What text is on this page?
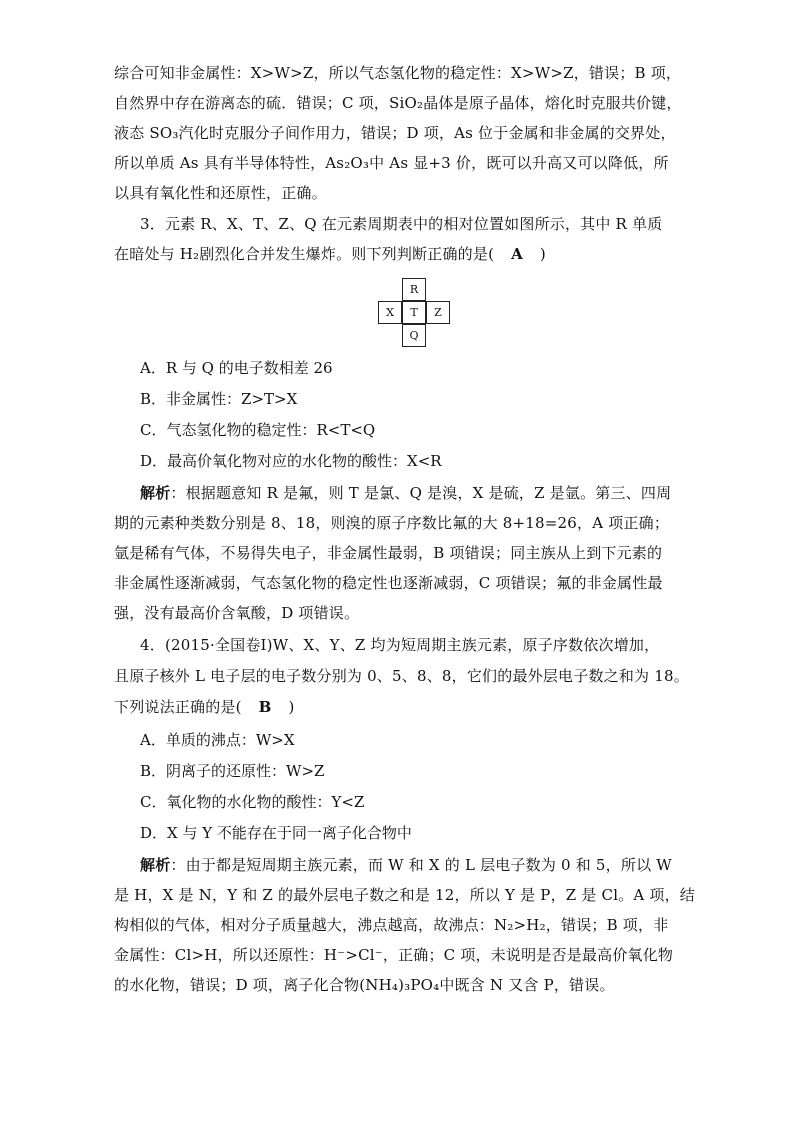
综合可知非金属性：X>W>Z，所以气态氢化物的稳定性：X>W>Z，错误；B 项，
自然界中存在游离态的硫．错误；C 项，SiO₂晶体是原子晶体，熔化时克服共价键，
液态 SO₃汽化时克服分子间作用力，错误；D 项，As 位于金属和非金属的交界处，
所以单质 As 具有半导体特性，As₂O₃中 As 显+3 价，既可以升高又可以降低，所
以具有氧化性和还原性，正确。
3．元素 R、X、T、Z、Q 在元素周期表中的相对位置如图所示，其中 R 单质
在暗处与 H₂剧烈化合并发生爆炸。则下列判断正确的是( A )
R
X	T	Z
Q
A．R 与 Q 的电子数相差 26
B．非金属性：Z>T>X
C．气态氢化物的稳定性：R<T<Q
D．最高价氧化物对应的水化物的酸性：X<R
解析：根据题意知 R 是氟，则 T 是氯、Q 是溴，X 是硫，Z 是氩。第三、四周
期的元素种类数分别是 8、18，则溴的原子序数比氟的大 8+18=26，A 项正确；
氩是稀有气体，不易得失电子，非金属性最弱，B 项错误；同主族从上到下元素的
非金属性逐渐减弱，气态氢化物的稳定性也逐渐减弱，C 项错误；氟的非金属性最
强，没有最高价含氧酸，D 项错误。
4．(2015·全国卷Ⅰ)W、X、Y、Z 均为短周期主族元素，原子序数依次增加，
且原子核外 L 电子层的电子数分别为 0、5、8、8，它们的最外层电子数之和为 18。
下列说法正确的是( B )
A．单质的沸点：W>X
B．阴离子的还原性：W>Z
C．氧化物的水化物的酸性：Y<Z
D．X 与 Y 不能存在于同一离子化合物中
解析：由于都是短周期主族元素，而 W 和 X 的 L 层电子数为 0 和 5，所以 W
是 H，X 是 N，Y 和 Z 的最外层电子数之和是 12，所以 Y 是 P，Z 是 Cl。A 项，结
构相似的气体，相对分子质量越大，沸点越高，故沸点：N₂>H₂，错误；B 项，非
金属性：Cl>H，所以还原性：H⁻>Cl⁻，正确；C 项，未说明是否是最高价氧化物
的水化物，错误；D 项，离子化合物(NH₄)₃PO₄中既含 N 又含 P，错误。
